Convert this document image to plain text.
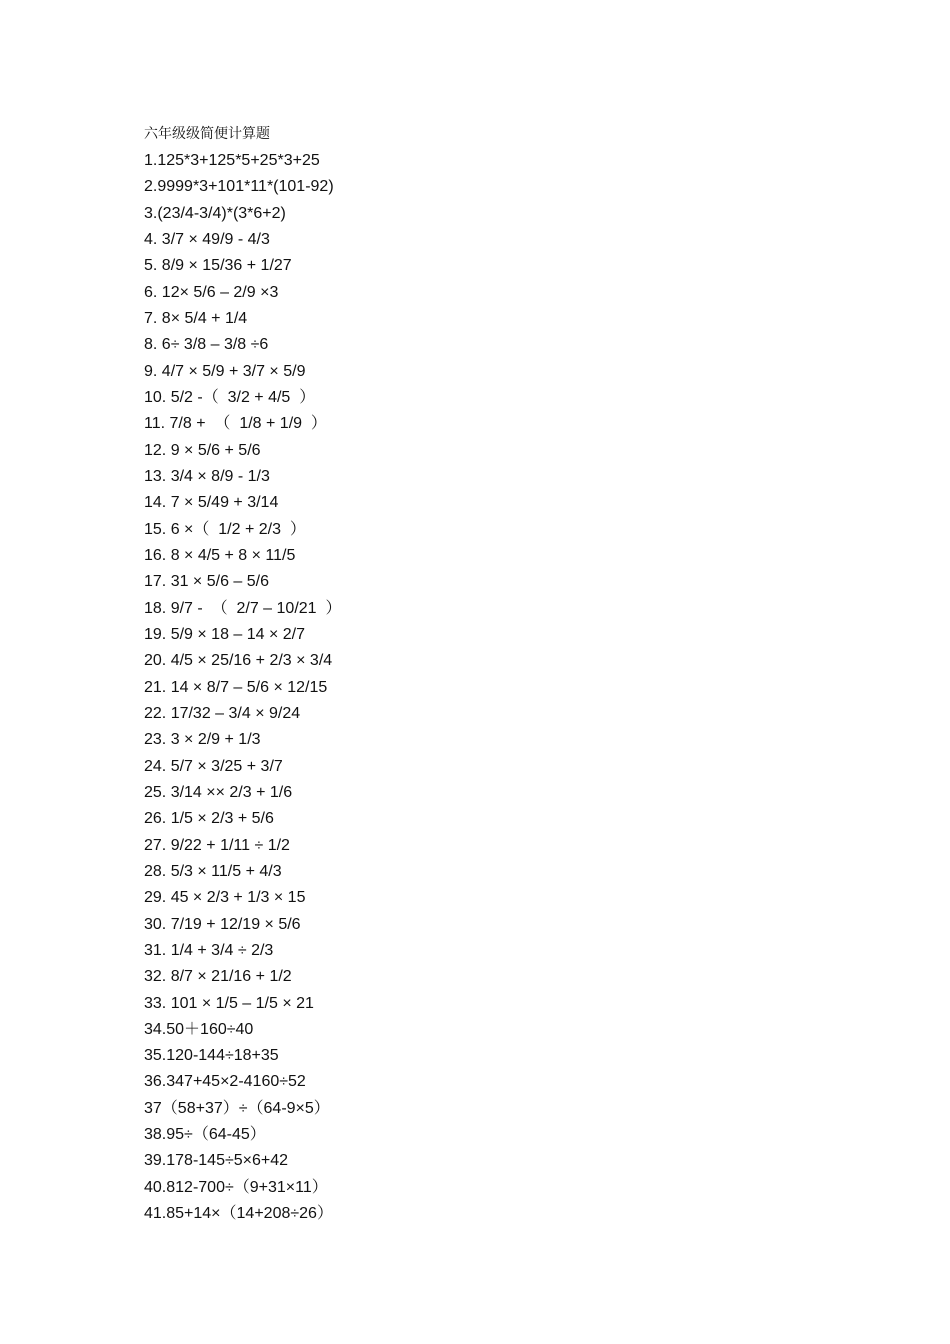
六年级级简便计算题
1.125*3+125*5+25*3+25
2.9999*3+101*11*(101-92)
3.(23/4-3/4)*(3*6+2)
4. 3/7 × 49/9 - 4/3
5. 8/9 × 15/36 + 1/27
6. 12× 5/6 – 2/9 ×3
7. 8× 5/4 + 1/4
8. 6÷ 3/8 – 3/8 ÷6
9. 4/7 × 5/9 + 3/7 × 5/9
10. 5/2 -（  3/2 + 4/5  ）
11. 7/8 +  （  1/8 + 1/9  ）
12. 9 × 5/6 + 5/6
13. 3/4 × 8/9 - 1/3
14. 7 × 5/49 + 3/14
15. 6 ×（  1/2 + 2/3  ）
16. 8 × 4/5 + 8 × 11/5
17. 31 × 5/6 – 5/6
18. 9/7 -  （  2/7 – 10/21  ）
19. 5/9 × 18 – 14 × 2/7
20. 4/5 × 25/16 + 2/3 × 3/4
21. 14 × 8/7 – 5/6 × 12/15
22. 17/32 – 3/4 × 9/24
23. 3 × 2/9 + 1/3
24. 5/7 × 3/25 + 3/7
25. 3/14 ×× 2/3 + 1/6
26. 1/5 × 2/3 + 5/6
27. 9/22 + 1/11 ÷ 1/2
28. 5/3 × 11/5 + 4/3
29. 45 × 2/3 + 1/3 × 15
30. 7/19 + 12/19 × 5/6
31. 1/4 + 3/4 ÷ 2/3
32. 8/7 × 21/16 + 1/2
33. 101 × 1/5 – 1/5 × 21
34.50＋160÷40
35.120-144÷18+35
36.347+45×2-4160÷52
37（58+37）÷（64-9×5）
38.95÷（64-45）
39.178-145÷5×6+42
40.812-700÷（9+31×11）
41.85+14×（14+208÷26）
